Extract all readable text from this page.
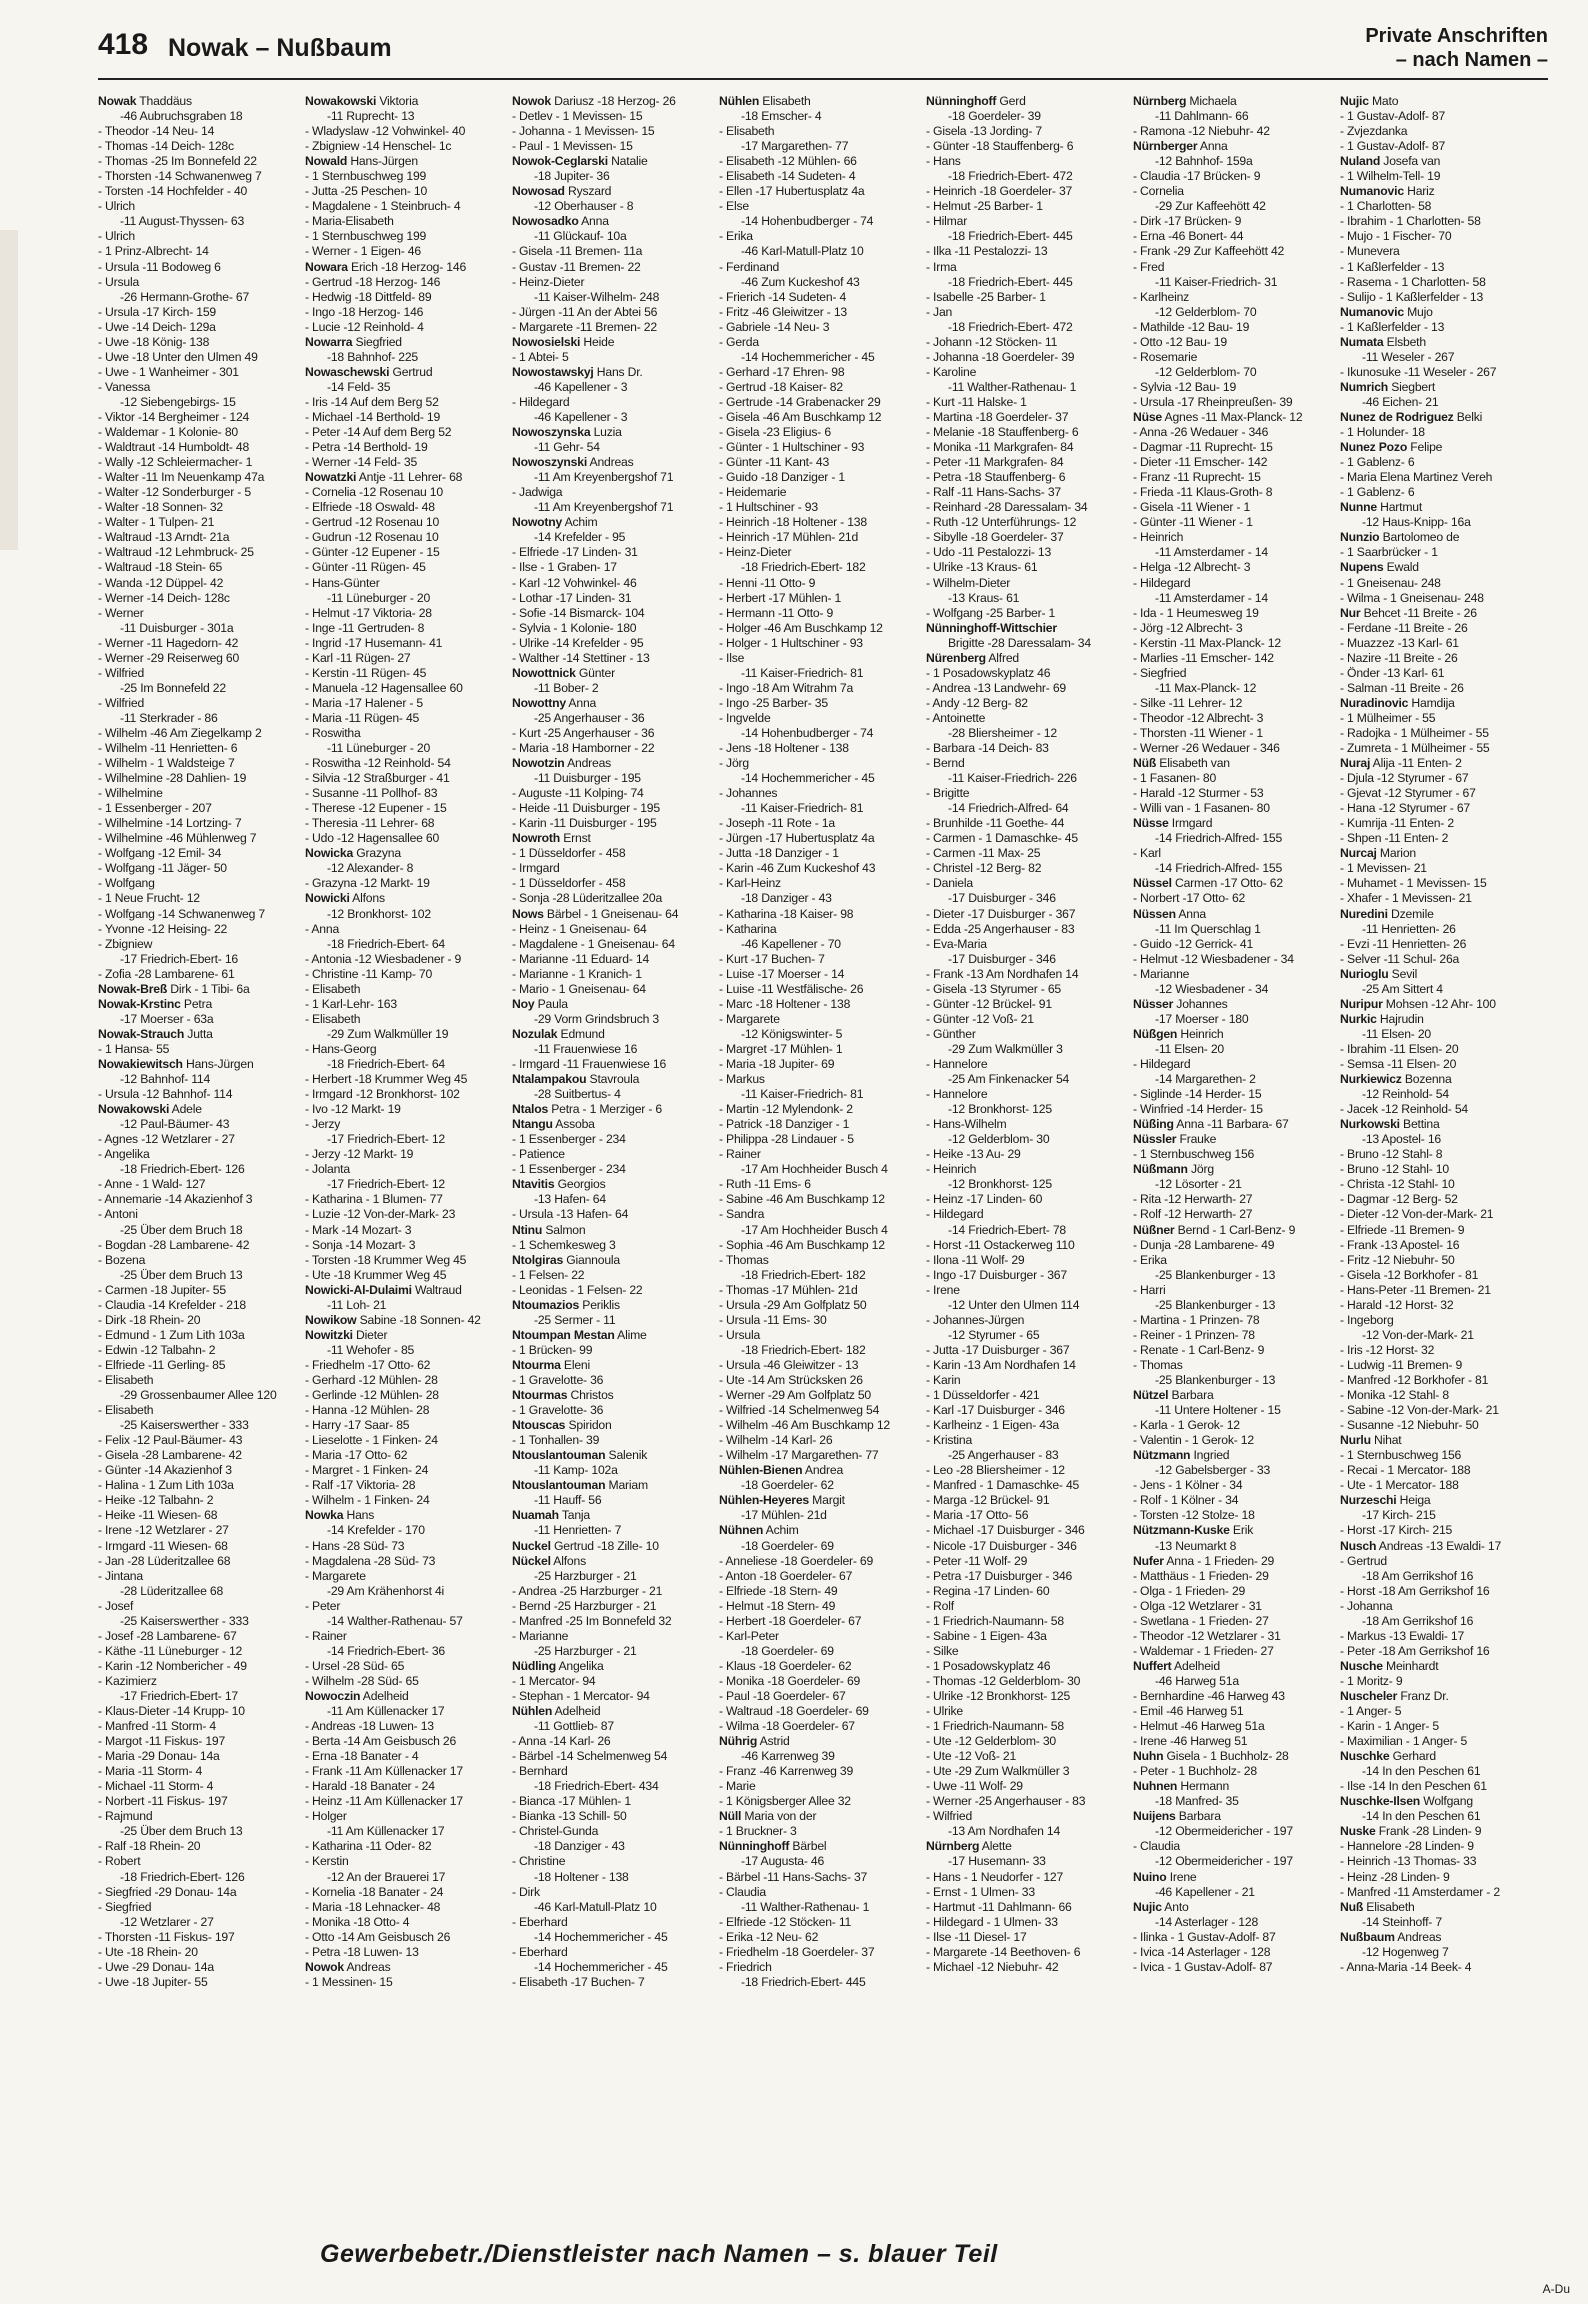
418 Nowak – Nußbaum	Private Anschriften
– nach Namen –
Nowak Thaddäus
-46 Aubruchsgraben 18
- Theodor -14 Neu- 14
- Thomas -14 Deich- 128c
- Thomas -25 Im Bonnefeld 22
- Thorsten -14 Schwanenweg 7
- Torsten -14 Hochfelder - 40
- Ulrich
-11 August-Thyssen- 63
- Ulrich
- 1 Prinz-Albrecht- 14
- Ursula -11 Bodoweg 6
- Ursula
-26 Hermann-Grothe- 67
- Ursula -17 Kirch- 159
- Uwe -14 Deich- 129a
- Uwe -18 König- 138
- Uwe -18 Unter den Ulmen 49
- Uwe - 1 Wanheimer - 301
- Vanessa
-12 Siebengebirgs- 15
- Viktor -14 Bergheimer - 124
- Waldemar - 1 Kolonie- 80
- Waldtraut -14 Humboldt- 48
- Wally -12 Schleiermacher- 1
- Walter -11 Im Neuenkamp 47a
- Walter -12 Sonderburger - 5
- Walter -18 Sonnen- 32
- Walter - 1 Tulpen- 21
- Waltraud -13 Arndt- 21a
- Waltraud -12 Lehmbruck- 25
- Waltraud -18 Stein- 65
- Wanda -12 Düppel- 42
- Werner -14 Deich- 128c
- Werner
-11 Duisburger - 301a
- Werner -11 Hagedorn- 42
- Werner -29 Reiserweg 60
- Wilfried
-25 Im Bonnefeld 22
- Wilfried
-11 Sterkrader - 86
- Wilhelm -46 Am Ziegelkamp 2
- Wilhelm -11 Henrietten- 6
- Wilhelm - 1 Waldsteige 7
- Wilhelmine -28 Dahlien- 19
- Wilhelmine
- 1 Essenberger - 207
- Wilhelmine -14 Lortzing- 7
- Wilhelmine -46 Mühlenweg 7
- Wolfgang -12 Emil- 34
- Wolfgang -11 Jäger- 50
- Wolfgang
- 1 Neue Frucht- 12
- Wolfgang -14 Schwanenweg 7
- Yvonne -12 Heising- 22
- Zbigniew
-17 Friedrich-Ebert- 16
- Zofia -28 Lambarene- 61
Nowak-Breß Dirk - 1 Tibi- 6a
Nowak-Krstinc Petra
-17 Moerser - 63a
Nowak-Strauch Jutta
- 1 Hansa- 55
Nowakiewitsch Hans-Jürgen
-12 Bahnhof- 114
- Ursula -12 Bahnhof- 114
Nowakowski Adele
-12 Paul-Bäumer- 43
- Agnes -12 Wetzlarer - 27
- Angelika
-18 Friedrich-Ebert- 126
- Anne - 1 Wald- 127
- Annemarie -14 Akazienhof 3
- Antoni
-25 Über dem Bruch 18
- Bogdan -28 Lambarene- 42
- Bozena
-25 Über dem Bruch 13
- Carmen -18 Jupiter- 55
- Claudia -14 Krefelder - 218
- Dirk -18 Rhein- 20
- Edmund - 1 Zum Lith 103a
- Edwin -12 Talbahn- 2
- Elfriede -11 Gerling- 85
- Elisabeth
-29 Grossenbaumer Allee 120
- Elisabeth
-25 Kaiserswerther - 333
- Felix -12 Paul-Bäumer- 43
- Gisela -28 Lambarene- 42
- Günter -14 Akazienhof 3
- Halina - 1 Zum Lith 103a
- Heike -12 Talbahn- 2
- Heike -11 Wiesen- 68
- Irene -12 Wetzlarer - 27
- Irmgard -11 Wiesen- 68
- Jan -28 Lüderitzallee 68
- Jintana
-28 Lüderitzallee 68
- Josef
-25 Kaiserswerther - 333
- Josef -28 Lambarene- 67
- Käthe -11 Lüneburger - 12
- Karin -12 Nombericher - 49
- Kazimierz
-17 Friedrich-Ebert- 17
- Klaus-Dieter -14 Krupp- 10
- Manfred -11 Storm- 4
- Margot -11 Fiskus- 197
- Maria -29 Donau- 14a
- Maria -11 Storm- 4
- Michael -11 Storm- 4
- Norbert -11 Fiskus- 197
- Rajmund
-25 Über dem Bruch 13
- Ralf -18 Rhein- 20
- Robert
-18 Friedrich-Ebert- 126
- Siegfried -29 Donau- 14a
- Siegfried
-12 Wetzlarer - 27
- Thorsten -11 Fiskus- 197
- Ute -18 Rhein- 20
- Uwe -29 Donau- 14a
- Uwe -18 Jupiter- 55
Nowakowski Viktoria
-11 Ruprecht- 13
- Wladyslaw -12 Vohwinkel- 40
- Zbigniew -14 Henschel- 1c
Nowald Hans-Jürgen
- 1 Sternbuschweg 199
- Jutta -25 Peschen- 10
- Magdalene - 1 Steinbruch- 4
- Maria-Elisabeth
- 1 Sternbuschweg 199
- Werner - 1 Eigen- 46
Nowara Erich -18 Herzog- 146
- Gertrud -18 Herzog- 146
- Hedwig -18 Dittfeld- 89
- Ingo -18 Herzog- 146
- Lucie -12 Reinhold- 4
Nowarra Siegfried
-18 Bahnhof- 225
Nowaschewski Gertrud
-14 Feld- 35
- Iris -14 Auf dem Berg 52
- Michael -14 Berthold- 19
- Peter -14 Auf dem Berg 52
- Petra -14 Berthold- 19
- Werner -14 Feld- 35
Nowatzki Antje -11 Lehrer- 68
- Cornelia -12 Rosenau 10
- Elfriede -18 Oswald- 48
- Gertrud -12 Rosenau 10
- Gudrun -12 Rosenau 10
- Günter -12 Eupener - 15
- Günter -11 Rügen- 45
- Hans-Günter
-11 Lüneburger - 20
- Helmut -17 Viktoria- 28
- Inge -11 Gertruden- 8
- Ingrid -17 Husemann- 41
- Karl -11 Rügen- 27
- Kerstin -11 Rügen- 45
- Manuela -12 Hagensallee 60
- Maria -17 Halener - 5
- Maria -11 Rügen- 45
- Roswitha
-11 Lüneburger - 20
- Roswitha -12 Reinhold- 54
- Silvia -12 Straßburger - 41
- Susanne -11 Pollhof- 83
- Therese -12 Eupener - 15
- Theresia -11 Lehrer- 68
- Udo -12 Hagensallee 60
Nowicka Grazyna
-12 Alexander- 8
- Grazyna -12 Markt- 19
Nowicki Alfons
-12 Bronkhorst- 102
- Anna
-18 Friedrich-Ebert- 64
- Antonia -12 Wiesbadener - 9
- Christine -11 Kamp- 70
- Elisabeth
- 1 Karl-Lehr- 163
- Elisabeth
-29 Zum Walkmüller 19
- Hans-Georg
-18 Friedrich-Ebert- 64
- Herbert -18 Krummer Weg 45
- Irmgard -12 Bronkhorst- 102
- Ivo -12 Markt- 19
- Jerzy
-17 Friedrich-Ebert- 12
- Jerzy -12 Markt- 19
- Jolanta
-17 Friedrich-Ebert- 12
- Katharina - 1 Blumen- 77
- Luzie -12 Von-der-Mark- 23
- Mark -14 Mozart- 3
- Sonja -14 Mozart- 3
- Torsten -18 Krummer Weg 45
- Ute -18 Krummer Weg 45
Nowicki-Al-Dulaimi Waltraud
-11 Loh- 21
Nowikow Sabine -18 Sonnen- 42
Nowitzki Dieter
-11 Wehofer - 85
- Friedhelm -17 Otto- 62
- Gerhard -12 Mühlen- 28
- Gerlinde -12 Mühlen- 28
- Hanna -12 Mühlen- 28
- Harry -17 Saar- 85
- Lieselotte - 1 Finken- 24
- Maria -17 Otto- 62
- Margret - 1 Finken- 24
- Ralf -17 Viktoria- 28
- Wilhelm - 1 Finken- 24
Nowka Hans
-14 Krefelder - 170
- Hans -28 Süd- 73
- Magdalena -28 Süd- 73
- Margarete
-29 Am Krähenhorst 4i
- Peter
-14 Walther-Rathenau- 57
- Rainer
-14 Friedrich-Ebert- 36
- Ursel -28 Süd- 65
- Wilhelm -28 Süd- 65
Nowoczin Adelheid
-11 Am Küllenacker 17
- Andreas -18 Luwen- 13
- Berta -14 Am Geisbusch 26
- Erna -18 Banater - 4
- Frank -11 Am Küllenacker 17
- Harald -18 Banater - 24
- Heinz -11 Am Küllenacker 17
- Holger
-11 Am Küllenacker 17
- Katharina -11 Oder- 82
- Kerstin
-12 An der Brauerei 17
- Kornelia -18 Banater - 24
- Maria -18 Lehnacker- 48
- Monika -18 Otto- 4
- Otto -14 Am Geisbusch 26
- Petra -18 Luwen- 13
Nowok Andreas
- 1 Messinen- 15
Nowok Dariusz -18 Herzog- 26
- Detlev - 1 Mevissen- 15
- Johanna - 1 Mevissen- 15
- Paul - 1 Mevissen- 15
Nowok-Ceglarski Natalie
-18 Jupiter- 36
Nowosad Ryszard
-12 Oberhauser - 8
Nowosadko Anna
-11 Glückauf- 10a
- Gisela -11 Bremen- 11a
- Gustav -11 Bremen- 22
- Heinz-Dieter
-11 Kaiser-Wilhelm- 248
- Jürgen -11 An der Abtei 56
- Margarete -11 Bremen- 22
Nowosielski Heide
- 1 Abtei- 5
Nowostawskyj Hans Dr.
-46 Kapellener - 3
- Hildegard
-46 Kapellener - 3
Nowoszynska Luzia
-11 Gehr- 54
Nowoszynski Andreas
-11 Am Kreyenbergshof 71
- Jadwiga
-11 Am Kreyenbergshof 71
Nowotny Achim
-14 Krefelder - 95
- Elfriede -17 Linden- 31
- Ilse - 1 Graben- 17
- Karl -12 Vohwinkel- 46
- Lothar -17 Linden- 31
- Sofie -14 Bismarck- 104
- Sylvia - 1 Kolonie- 180
- Ulrike -14 Krefelder - 95
- Walther -14 Stettiner - 13
Nowottnick Günter
-11 Bober- 2
Nowottny Anna
-25 Angerhauser - 36
- Kurt -25 Angerhauser - 36
- Maria -18 Hamborner - 22
Nowotzin Andreas
-11 Duisburger - 195
- Auguste -11 Kolping- 74
- Heide -11 Duisburger - 195
- Karin -11 Duisburger - 195
Nowroth Ernst
- 1 Düsseldorfer - 458
- Irmgard
- 1 Düsseldorfer - 458
- Sonja -28 Lüderitzallee 20a
Nows Bärbel - 1 Gneisenau- 64
- Heinz - 1 Gneisenau- 64
- Magdalene - 1 Gneisenau- 64
- Marianne -11 Eduard- 14
- Marianne - 1 Kranich- 1
- Mario - 1 Gneisenau- 64
Noy Paula
-29 Vorm Grindsbruch 3
Nozulak Edmund
-11 Frauenwiese 16
- Irmgard -11 Frauenwiese 16
Ntalampakou Stavroula
-28 Suitbertus- 4
Ntalos Petra - 1 Merziger - 6
Ntangu Assoba
- 1 Essenberger - 234
- Patience
- 1 Essenberger - 234
Ntavitis Georgios
-13 Hafen- 64
- Ursula -13 Hafen- 64
Ntinu Salmon
- 1 Schemkesweg 3
Ntolgiras Giannoula
- 1 Felsen- 22
- Leonidas - 1 Felsen- 22
Ntoumazios Periklis
-25 Sermer - 11
Ntoumpan Mestan Alime
- 1 Brücken- 99
Ntourma Eleni
- 1 Gravelotte- 36
Ntourmas Christos
- 1 Gravelotte- 36
Ntouscas Spiridon
- 1 Tonhallen- 39
Ntouslantouman Salenik
-11 Kamp- 102a
Ntouslantouman Mariam
-11 Hauff- 56
Nuamah Tanja
-11 Henrietten- 7
Nuckel Gertrud -18 Zille- 10
Nückel Alfons
-25 Harzburger - 21
- Andrea -25 Harzburger - 21
- Bernd -25 Harzburger - 21
- Manfred -25 Im Bonnefeld 32
- Marianne
-25 Harzburger - 21
Nüdling Angelika
- 1 Mercator- 94
- Stephan - 1 Mercator- 94
Nühlen Adelheid
-11 Gottlieb- 87
- Anna -14 Karl- 26
- Bärbel -14 Schelmenweg 54
- Bernhard
-18 Friedrich-Ebert- 434
- Bianca -17 Mühlen- 1
- Bianka -13 Schill- 50
- Christel-Gunda
-18 Danziger - 43
- Christine
-18 Holtener - 138
- Dirk
-46 Karl-Matull-Platz 10
- Eberhard
-14 Hochemmericher - 45
- Eberhard
-14 Hochemmericher - 45
- Elisabeth -17 Buchen- 7
Nühlen Elisabeth
-18 Emscher- 4
- Elisabeth
-17 Margarethen- 77
- Elisabeth -12 Mühlen- 66
- Elisabeth -14 Sudeten- 4
- Ellen -17 Hubertusplatz 4a
- Else
-14 Hohenbudberger - 74
- Erika
-46 Karl-Matull-Platz 10
- Ferdinand
-46 Zum Kuckeshof 43
- Frierich -14 Sudeten- 4
- Fritz -46 Gleiwitzer - 13
- Gabriele -14 Neu- 3
- Gerda
-14 Hochemmericher - 45
- Gerhard -17 Ehren- 98
- Gertrud -18 Kaiser- 82
- Gertrude -14 Grabenacker 29
- Gisela -46 Am Buschkamp 12
- Gisela -23 Eligius- 6
- Günter - 1 Hultschiner - 93
- Günter -11 Kant- 43
- Guido -18 Danziger - 1
- Heidemarie
- 1 Hultschiner - 93
- Heinrich -18 Holtener - 138
- Heinrich -17 Mühlen- 21d
- Heinz-Dieter
-18 Friedrich-Ebert- 182
- Henni -11 Otto- 9
- Herbert -17 Mühlen- 1
- Hermann -11 Otto- 9
- Holger -46 Am Buschkamp 12
- Holger - 1 Hultschiner - 93
- Ilse
-11 Kaiser-Friedrich- 81
- Ingo -18 Am Witrahm 7a
- Ingo -25 Barber- 35
- Ingvelde
-14 Hohenbudberger - 74
- Jens -18 Holtener - 138
- Jörg
-14 Hochemmericher - 45
- Johannes
-11 Kaiser-Friedrich- 81
- Joseph -11 Rote - 1a
- Jürgen -17 Hubertusplatz 4a
- Jutta -18 Danziger - 1
- Karin -46 Zum Kuckeshof 43
- Karl-Heinz
-18 Danziger - 43
- Katharina -18 Kaiser- 98
- Katharina
-46 Kapellener - 70
- Kurt -17 Buchen- 7
- Luise -17 Moerser - 14
- Luise -11 Westfälische- 26
- Marc -18 Holtener - 138
- Margarete
-12 Königswinter- 5
- Margret -17 Mühlen- 1
- Maria -18 Jupiter- 69
- Markus
-11 Kaiser-Friedrich- 81
- Martin -12 Mylendonk- 2
- Patrick -18 Danziger - 1
- Philippa -28 Lindauer - 5
- Rainer
-17 Am Hochheider Busch 4
- Ruth -11 Ems- 6
- Sabine -46 Am Buschkamp 12
- Sandra
-17 Am Hochheider Busch 4
- Sophia -46 Am Buschkamp 12
- Thomas
-18 Friedrich-Ebert- 182
- Thomas -17 Mühlen- 21d
- Ursula -29 Am Golfplatz 50
- Ursula -11 Ems- 30
- Ursula
-18 Friedrich-Ebert- 182
- Ursula -46 Gleiwitzer - 13
- Ute -14 Am Strücksken 26
- Werner -29 Am Golfplatz 50
- Wilfried -14 Schelmenweg 54
- Wilhelm -46 Am Buschkamp 12
- Wilhelm -14 Karl- 26
- Wilhelm -17 Margarethen- 77
Nühlen-Bienen Andrea
-18 Goerdeler- 62
Nühlen-Heyeres Margit
-17 Mühlen- 21d
Nühnen Achim
-18 Goerdeler- 69
- Anneliese -18 Goerdeler- 69
- Anton -18 Goerdeler- 67
- Elfriede -18 Stern- 49
- Helmut -18 Stern- 49
- Herbert -18 Goerdeler- 67
- Karl-Peter
-18 Goerdeler- 69
- Klaus -18 Goerdeler- 62
- Monika -18 Goerdeler- 69
- Paul -18 Goerdeler- 67
- Waltraud -18 Goerdeler- 69
- Wilma -18 Goerdeler- 67
Nührig Astrid
-46 Karrenweg 39
- Franz -46 Karrenweg 39
- Marie
- 1 Königsberger Allee 32
Nüll Maria von der
- 1 Bruckner- 3
Nünninghoff Bärbel
-17 Augusta- 46
- Bärbel -11 Hans-Sachs- 37
- Claudia
-11 Walther-Rathenau- 1
- Elfriede -12 Stöcken- 11
- Erika -12 Neu- 62
- Friedhelm -18 Goerdeler- 37
- Friedrich
-18 Friedrich-Ebert- 445
Nünninghoff Gerd
-18 Goerdeler- 39
- Gisela -13 Jording- 7
- Günter -18 Stauffenberg- 6
- Hans
-18 Friedrich-Ebert- 472
- Heinrich -18 Goerdeler- 37
- Helmut -25 Barber- 1
- Hilmar
-18 Friedrich-Ebert- 445
- Ilka -11 Pestalozzi- 13
- Irma
-18 Friedrich-Ebert- 445
- Isabelle -25 Barber- 1
- Jan
-18 Friedrich-Ebert- 472
- Johann -12 Stöcken- 11
- Johanna -18 Goerdeler- 39
- Karoline
-11 Walther-Rathenau- 1
- Kurt -11 Halske- 1
- Martina -18 Goerdeler- 37
- Melanie -18 Stauffenberg- 6
- Monika -11 Markgrafen- 84
- Peter -11 Markgrafen- 84
- Petra -18 Stauffenberg- 6
- Ralf -11 Hans-Sachs- 37
- Reinhard -28 Daressalam- 34
- Ruth -12 Unterführungs- 12
- Sibylle -18 Goerdeler- 37
- Udo -11 Pestalozzi- 13
- Ulrike -13 Kraus- 61
- Wilhelm-Dieter
-13 Kraus- 61
- Wolfgang -25 Barber- 1
Nünninghoff-Wittschier
Brigitte -28 Daressalam- 34
Nürenberg Alfred
- 1 Posadowskyplatz 46
- Andrea -13 Landwehr- 69
- Andy -12 Berg- 82
- Antoinette
-28 Bliersheimer - 12
- Barbara -14 Deich- 83
- Bernd
-11 Kaiser-Friedrich- 226
- Brigitte
-14 Friedrich-Alfred- 64
- Brunhilde -11 Goethe- 44
- Carmen - 1 Damaschke- 45
- Carmen -11 Max- 25
- Christel -12 Berg- 82
- Daniela
-17 Duisburger - 346
- Dieter -17 Duisburger - 367
- Edda -25 Angerhauser - 83
- Eva-Maria
-17 Duisburger - 346
- Frank -13 Am Nordhafen 14
- Gisela -13 Styrumer - 65
- Günter -12 Brückel- 91
- Günter -12 Voß- 21
- Günther
-29 Zum Walkmüller 3
- Hannelore
-25 Am Finkenacker 54
- Hannelore
-12 Bronkhorst- 125
- Hans-Wilhelm
-12 Gelderblom- 30
- Heike -13 Au- 29
- Heinrich
-12 Bronkhorst- 125
- Heinz -17 Linden- 60
- Hildegard
-14 Friedrich-Ebert- 78
- Horst -11 Ostackerweg 110
- Ilona -11 Wolf- 29
- Ingo -17 Duisburger - 367
- Irene
-12 Unter den Ulmen 114
- Johannes-Jürgen
-12 Styrumer - 65
- Jutta -17 Duisburger - 367
- Karin -13 Am Nordhafen 14
- Karin
- 1 Düsseldorfer - 421
- Karl -17 Duisburger - 346
- Karlheinz - 1 Eigen- 43a
- Kristina
-25 Angerhauser - 83
- Leo -28 Bliersheimer - 12
- Manfred - 1 Damaschke- 45
- Marga -12 Brückel- 91
- Maria -17 Otto- 56
- Michael -17 Duisburger - 346
- Nicole -17 Duisburger - 346
- Peter -11 Wolf- 29
- Petra -17 Duisburger - 346
- Regina -17 Linden- 60
- Rolf
- 1 Friedrich-Naumann- 58
- Sabine - 1 Eigen- 43a
- Silke
- 1 Posadowskyplatz 46
- Thomas -12 Gelderblom- 30
- Ulrike -12 Bronkhorst- 125
- Ulrike
- 1 Friedrich-Naumann- 58
- Ute -12 Gelderblom- 30
- Ute -12 Voß- 21
- Ute -29 Zum Walkmüller 3
- Uwe -11 Wolf- 29
- Werner -25 Angerhauser - 83
- Wilfried
-13 Am Nordhafen 14
Nürnberg Alette
-17 Husemann- 33
- Hans - 1 Neudorfer - 127
- Ernst - 1 Ulmen- 33
- Hartmut -11 Dahlmann- 66
- Hildegard - 1 Ulmen- 33
- Ilse -11 Diesel- 17
- Margarete -14 Beethoven- 6
- Michael -12 Niebuhr- 42
Nürnberg Michaela
-11 Dahlmann- 66
- Ramona -12 Niebuhr- 42
Nürnberger Anna
-12 Bahnhof- 159a
- Claudia -17 Brücken- 9
- Cornelia
-29 Zur Kaffeehött 42
- Dirk -17 Brücken- 9
- Erna -46 Bonert- 44
- Frank -29 Zur Kaffeehött 42
- Fred
-11 Kaiser-Friedrich- 31
- Karlheinz
-12 Gelderblom- 70
- Mathilde -12 Bau- 19
- Otto -12 Bau- 19
- Rosemarie
-12 Gelderblom- 70
- Sylvia -12 Bau- 19
- Ursula -17 Rheinpreußen- 39
Nüse Agnes -11 Max-Planck- 12
- Anna -26 Wedauer - 346
- Dagmar -11 Ruprecht- 15
- Dieter -11 Emscher- 142
- Franz -11 Ruprecht- 15
- Frieda -11 Klaus-Groth- 8
- Gisela -11 Wiener - 1
- Günter -11 Wiener - 1
- Heinrich
-11 Amsterdamer - 14
- Helga -12 Albrecht- 3
- Hildegard
-11 Amsterdamer - 14
- Ida - 1 Heumesweg 19
- Jörg -12 Albrecht- 3
- Kerstin -11 Max-Planck- 12
- Marlies -11 Emscher- 142
- Siegfried
-11 Max-Planck- 12
- Silke -11 Lehrer- 12
- Theodor -12 Albrecht- 3
- Thorsten -11 Wiener - 1
- Werner -26 Wedauer - 346
Nüß Elisabeth van
- 1 Fasanen- 80
- Harald -12 Sturmer - 53
- Willi van - 1 Fasanen- 80
Nüsse Irmgard
-14 Friedrich-Alfred- 155
- Karl
-14 Friedrich-Alfred- 155
Nüssel Carmen -17 Otto- 62
- Norbert -17 Otto- 62
Nüssen Anna
-11 Im Querschlag 1
- Guido -12 Gerrick- 41
- Helmut -12 Wiesbadener - 34
- Marianne
-12 Wiesbadener - 34
Nüsser Johannes
-17 Moerser - 180
Nüßgen Heinrich
-11 Elsen- 20
- Hildegard
-14 Margarethen- 2
- Siglinde -14 Herder- 15
- Winfried -14 Herder- 15
Nüßing Anna -11 Barbara- 67
Nüssler Frauke
- 1 Sternbuschweg 156
Nüßmann Jörg
-12 Lösorter - 21
- Rita -12 Herwarth- 27
- Rolf -12 Herwarth- 27
Nüßner Bernd - 1 Carl-Benz- 9
- Dunja -28 Lambarene- 49
- Erika
-25 Blankenburger - 13
- Harri
-25 Blankenburger - 13
- Martina - 1 Prinzen- 78
- Reiner - 1 Prinzen- 78
- Renate - 1 Carl-Benz- 9
- Thomas
-25 Blankenburger - 13
Nützel Barbara
-11 Untere Holtener - 15
- Karla - 1 Gerok- 12
- Valentin - 1 Gerok- 12
Nützmann Ingried
-12 Gabelsberger - 33
- Jens - 1 Kölner - 34
- Rolf - 1 Kölner - 34
- Torsten -12 Stolze- 18
Nützmann-Kuske Erik
-13 Neumarkt 8
Nufer Anna - 1 Frieden- 29
- Matthäus - 1 Frieden- 29
- Olga - 1 Frieden- 29
- Olga -12 Wetzlarer - 31
- Swetlana - 1 Frieden- 27
- Theodor -12 Wetzlarer - 31
- Waldemar - 1 Frieden- 27
Nuffert Adelheid
-46 Harweg 51a
- Bernhardine -46 Harweg 43
- Emil -46 Harweg 51
- Helmut -46 Harweg 51a
- Irene -46 Harweg 51
Nuhn Gisela - 1 Buchholz- 28
- Peter - 1 Buchholz- 28
Nuhnen Hermann
-18 Manfred- 35
Nuijens Barbara
-12 Obermeidericher - 197
- Claudia
-12 Obermeidericher - 197
Nuino Irene
-46 Kapellener - 21
Nujic Anto
-14 Asterlager - 128
- Ilinka - 1 Gustav-Adolf- 87
- Ivica -14 Asterlager - 128
- Ivica - 1 Gustav-Adolf- 87
Nujic Mato
- 1 Gustav-Adolf- 87
- Zvjezdanka
- 1 Gustav-Adolf- 87
Nuland Josefa van
- 1 Wilhelm-Tell- 19
Numanovic Hariz
- 1 Charlotten- 58
- Ibrahim - 1 Charlotten- 58
- Mujo - 1 Fischer- 70
- Munevera
- 1 Kaßlerfelder - 13
- Rasema - 1 Charlotten- 58
- Sulijo - 1 Kaßlerfelder - 13
Numanovic Mujo
- 1 Kaßlerfelder - 13
Numata Elsbeth
-11 Weseler - 267
- Ikunosuke -11 Weseler - 267
Numrich Siegbert
-46 Eichen- 21
Nunez de Rodriguez Belki
- 1 Holunder- 18
Nunez Pozo Felipe
- 1 Gablenz- 6
- Maria Elena Martinez Vereh
- 1 Gablenz- 6
Nunne Hartmut
-12 Haus-Knipp- 16a
Nunzio Bartolomeo de
- 1 Saarbrücker - 1
Nupens Ewald
- 1 Gneisenau- 248
- Wilma - 1 Gneisenau- 248
Nur Behcet -11 Breite - 26
- Ferdane -11 Breite - 26
- Muazzez -13 Karl- 61
- Nazire -11 Breite - 26
- Önder -13 Karl- 61
- Salman -11 Breite - 26
Nuradinovic Hamdija
- 1 Mülheimer - 55
- Radojka - 1 Mülheimer - 55
- Zumreta - 1 Mülheimer - 55
Nuraj Alija -11 Enten- 2
- Djula -12 Styrumer - 67
- Gjevat -12 Styrumer - 67
- Hana -12 Styrumer - 67
- Kumrija -11 Enten- 2
- Shpen -11 Enten- 2
Nurcaj Marion
- 1 Mevissen- 21
- Muhamet - 1 Mevissen- 15
- Xhafer - 1 Mevissen- 21
Nuredini Dzemile
-11 Henrietten- 26
- Evzi -11 Henrietten- 26
- Selver -11 Schul- 26a
Nurioglu Sevil
-25 Am Sittert 4
Nuripur Mohsen -12 Ahr- 100
Nurkic Hajrudin
-11 Elsen- 20
- Ibrahim -11 Elsen- 20
- Semsa -11 Elsen- 20
Nurkiewicz Bozenna
-12 Reinhold- 54
- Jacek -12 Reinhold- 54
Nurkowski Bettina
-13 Apostel- 16
- Bruno -12 Stahl- 8
- Bruno -12 Stahl- 10
- Christa -12 Stahl- 10
- Dagmar -12 Berg- 52
- Dieter -12 Von-der-Mark- 21
- Elfriede -11 Bremen- 9
- Frank -13 Apostel- 16
- Fritz -12 Niebuhr- 50
- Gisela -12 Borkhofer - 81
- Hans-Peter -11 Bremen- 21
- Harald -12 Horst- 32
- Ingeborg
-12 Von-der-Mark- 21
- Iris -12 Horst- 32
- Ludwig -11 Bremen- 9
- Manfred -12 Borkhofer - 81
- Monika -12 Stahl- 8
- Sabine -12 Von-der-Mark- 21
- Susanne -12 Niebuhr- 50
Nurlu Nihat
- 1 Sternbuschweg 156
- Recai - 1 Mercator- 188
- Ute - 1 Mercator- 188
Nurzeschi Heiga
-17 Kirch- 215
- Horst -17 Kirch- 215
Nusch Andreas -13 Ewaldi- 17
- Gertrud
-18 Am Gerrikshof 16
- Horst -18 Am Gerrikshof 16
- Johanna
-18 Am Gerrikshof 16
- Markus -13 Ewaldi- 17
- Peter -18 Am Gerrikshof 16
Nusche Meinhardt
- 1 Moritz- 9
Nuscheler Franz Dr.
- 1 Anger- 5
- Karin - 1 Anger- 5
- Maximilian - 1 Anger- 5
Nuschke Gerhard
-14 In den Peschen 61
- Ilse -14 In den Peschen 61
Nuschke-Ilsen Wolfgang
-14 In den Peschen 61
Nuske Frank -28 Linden- 9
- Hannelore -28 Linden- 9
- Heinrich -13 Thomas- 33
- Heinz -28 Linden- 9
- Manfred -11 Amsterdamer - 2
Nuß Elisabeth
-14 Steinhoff- 7
Nußbaum Andreas
-12 Hogenweg 7
- Anna-Maria -14 Beek- 4
Gewerbebetr./Dienstleister nach Namen – s. blauer Teil
A-Du
